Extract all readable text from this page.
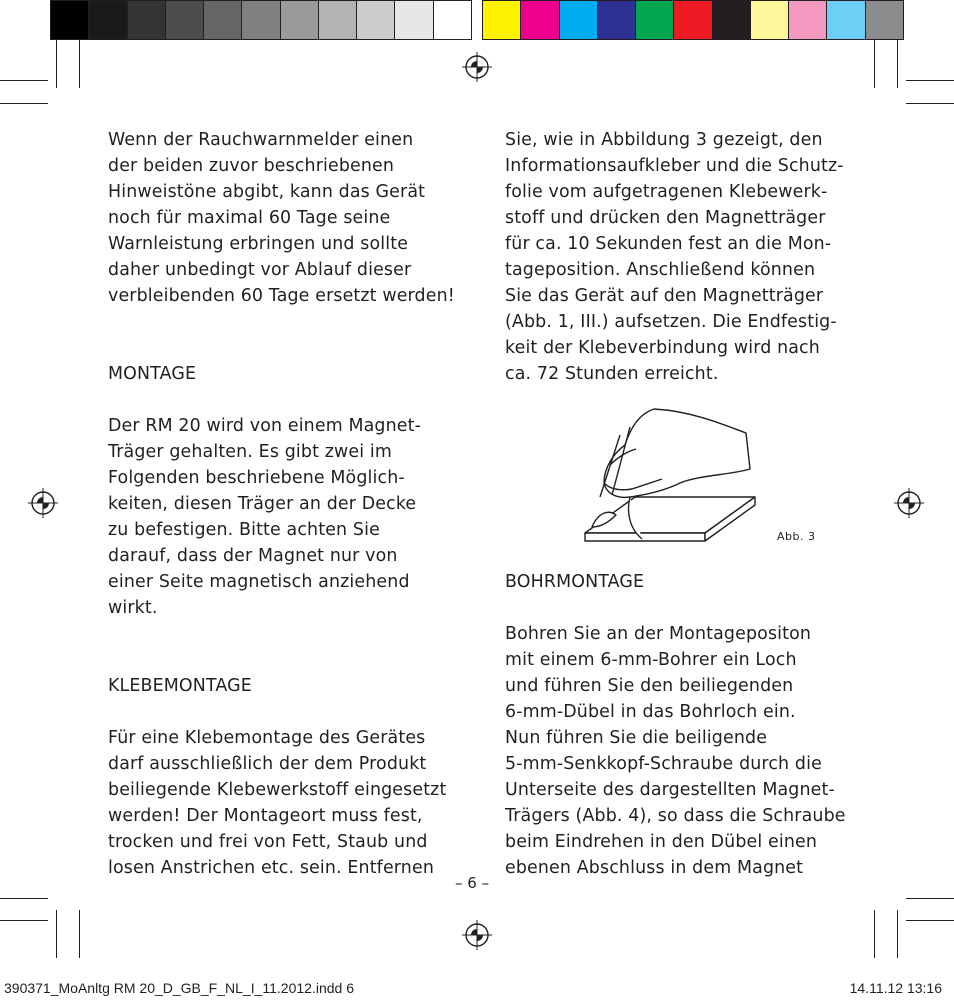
Wenn der Rauchwarnmelder einen
der beiden zuvor beschriebenen
Hinweistöne abgibt, kann das Gerät
noch für maximal 60 Tage seine
Warnleistung erbringen und sollte
daher unbedingt vor Ablauf dieser
verbleibenden 60 Tage ersetzt werden!

MONTAGE

Der RM 20 wird von einem Magnet-
Träger gehalten. Es gibt zwei im
Folgenden beschriebene Möglich-
keiten, diesen Träger an der Decke
zu befestigen. Bitte achten Sie
darauf, dass der Magnet nur von
einer Seite magnetisch anziehend
wirkt.

KLEBEMONTAGE

Für eine Klebemontage des Gerätes
darf ausschließlich der dem Produkt
beiliegende Klebewerkstoff eingesetzt
werden! Der Montageort muss fest,
trocken und frei von Fett, Staub und
losen Anstrichen etc. sein. Entfernen

Sie, wie in Abbildung 3 gezeigt, den
Informationsaufkleber und die Schutz-
folie vom aufgetragenen Klebewerk-
stoff und drücken den Magnetträger
für ca. 10 Sekunden fest an die Mon-
tageposition. Anschließend können
Sie das Gerät auf den Magnetträger
(Abb. 1, III.) aufsetzen. Die Endfestig-
keit der Klebeverbindung wird nach
ca. 72 Stunden erreicht.

BOHRMONTAGE

Bohren Sie an der Montagepositon
mit einem 6-mm-Bohrer ein Loch
und führen Sie den beiliegenden
6-mm-Dübel in das Bohrloch ein.
Nun führen Sie die beiligende
5-mm-Senkkopf-Schraube durch die
Unterseite des dargestellten Magnet-
Trägers (Abb. 4), so dass die Schraube
beim Eindrehen in den Dübel einen
ebenen Abschluss in dem Magnet

Abb. 3
– 6 –
390371_MoAnltg RM 20_D_GB_F_NL_I_11.2012.indd 6	14.11.12 13:16
